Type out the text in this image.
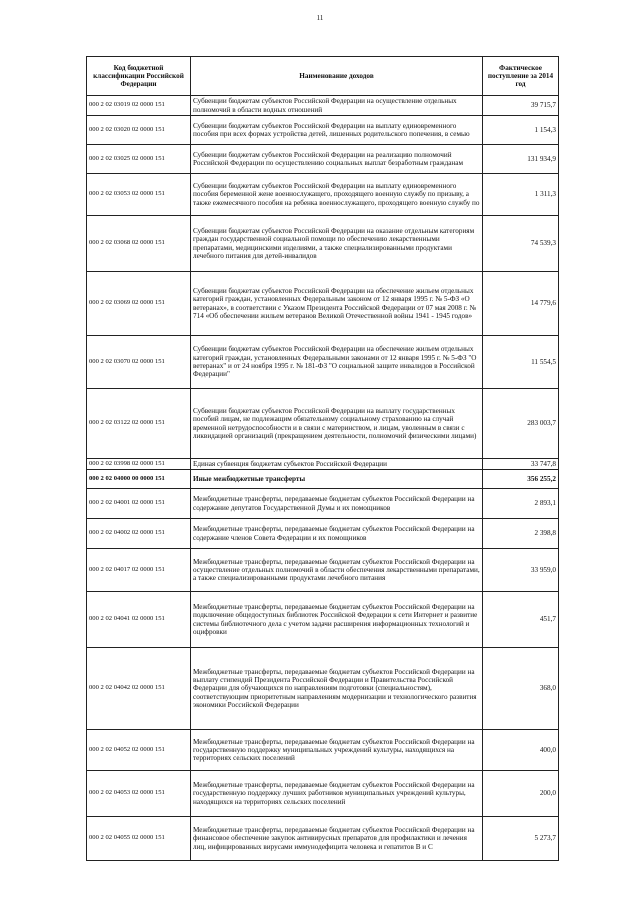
11
Код бюджетной классификации Российской Федерации	Наименование доходов	Фактическое поступление за 2014 год
000 2 02 03019 02 0000 151	Субвенции бюджетам субъектов Российской Федерации на осуществление отдельных полномочий в области водных отношений	39 715,7
000 2 02 03020 02 0000 151	Субвенции бюджетам субъектов Российской Федерации на выплату единовременного пособия при всех формах устройства детей, лишенных родительского попечения, в семью	1 154,3
000 2 02 03025 02 0000 151	Субвенции бюджетам субъектов Российской Федерации на реализацию полномочий Российской Федерации по осуществлению социальных выплат безработным гражданам	131 934,9
000 2 02 03053 02 0000 151	Субвенции бюджетам субъектов Российской Федерации на выплату единовременного пособия беременной жене военнослужащего, проходящего военную службу по призыву, а также ежемесячного пособия на ребенка военнослужащего, проходящего военную службу по	1 311,3
000 2 02 03068 02 0000 151	Субвенции бюджетам субъектов Российской Федерации на оказание отдельным категориям граждан государственной социальной помощи по обеспечению лекарственными препаратами, медицинскими изделиями, а также специализированными продуктами лечебного питания для детей-инвалидов	74 539,3
000 2 02 03069 02 0000 151	Субвенции бюджетам субъектов Российской Федерации на обеспечение жильем отдельных категорий граждан, установленных Федеральным законом от 12 января 1995 г. № 5-ФЗ «О ветеранах», в соответствии с Указом Президента Российской Федерации от 07 мая 2008 г. № 714 «Об обеспечении жильем ветеранов Великой Отечественной войны 1941 - 1945 годов»	14 779,6
000 2 02 03070 02 0000 151	Субвенции бюджетам субъектов Российской Федерации на обеспечение жильем отдельных категорий граждан, установленных Федеральными законами от 12 января 1995 г. № 5-ФЗ "О ветеранах" и от 24 ноября 1995 г. № 181-ФЗ "О социальной защите инвалидов в Российской Федерации"	11 554,5
000 2 02 03122 02 0000 151	Субвенции бюджетам субъектов Российской Федерации на выплату государственных пособий лицам, не подлежащим обязательному социальному страхованию на случай временной нетрудоспособности и в связи с материнством, и лицам, уволенным в связи с ликвидацией организаций (прекращением деятельности, полномочий физическими лицами)	283 003,7
000 2 02 03998 02 0000 151	Единая субвенция бюджетам субъектов Российской Федерации	33 747,8
000 2 02 04000 00 0000 151	Иные межбюджетные трансферты	356 255,2
000 2 02 04001 02 0000 151	Межбюджетные трансферты, передаваемые бюджетам субъектов Российской Федерации на содержание депутатов Государственной Думы и их помощников	2 893,1
000 2 02 04002 02 0000 151	Межбюджетные трансферты, передаваемые бюджетам субъектов Российской Федерации на содержание членов Совета Федерации и их помощников	2 398,8
000 2 02 04017 02 0000 151	Межбюджетные трансферты, передаваемые бюджетам субъектов Российской Федерации на осуществление отдельных полномочий в области обеспечения лекарственными препаратами, а также специализированными продуктами лечебного питания	33 959,0
000 2 02 04041 02 0000 151	Межбюджетные трансферты, передаваемые бюджетам субъектов Российской Федерации на подключение общедоступных библиотек Российской Федерации к сети Интернет и развитие системы библиотечного дела с учетом задачи расширения информационных технологий и оцифровки	451,7
000 2 02 04042 02 0000 151	Межбюджетные трансферты, передаваемые бюджетам субъектов Российской Федерации на выплату стипендий Президента Российской Федерации и Правительства Российской Федерации для обучающихся по направлениям подготовки (специальностям), соответствующим приоритетным направлениям модернизации и технологического развития экономики Российской Федерации	368,0
000 2 02 04052 02 0000 151	Межбюджетные трансферты, передаваемые бюджетам субъектов Российской Федерации на государственную поддержку муниципальных учреждений культуры, находящихся на территориях сельских поселений	400,0
000 2 02 04053 02 0000 151	Межбюджетные трансферты, передаваемые бюджетам субъектов Российской Федерации на государственную поддержку лучших работников муниципальных учреждений культуры, находящихся на территориях сельских поселений	200,0
000 2 02 04055 02 0000 151	Межбюджетные трансферты, передаваемые бюджетам субъектов Российской Федерации на финансовое обеспечение закупок антивирусных препаратов для профилактики и лечения лиц, инфицированных вирусами иммунодефицита человека и гепатитов В и С	5 273,7
